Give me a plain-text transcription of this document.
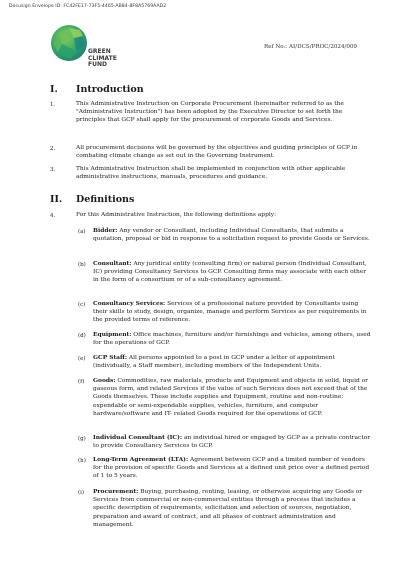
Docusign Envelope ID: FC42FE17-73F5-4465-AB84-8F8A5769AAD2
GREEN
CLIMATE
FUND
Ref No.: AI/DCS/PROC/2024/009
I. Introduction
1.	This Administrative Instruction on Corporate Procurement (hereinafter referred to as the "Administrative Instruction") has been adopted by the Executive Director to set forth the principles that GCP shall apply for the procurement of corporate Goods and Services.
2.	All procurement decisions will be governed by the objectives and guiding principles of GCP in combating climate change as set out in the Governing Instrument.
3.	This Administrative Instruction shall be implemented in conjunction with other applicable administrative instructions, manuals, procedures and guidance.
II. Definitions
4.	For this Administrative Instruction, the following definitions apply:
(a) Bidder: Any vendor or Consultant, including Individual Consultants, that submits a quotation, proposal or bid in response to a solicitation request to provide Goods or Services.
(b) Consultant: Any juridical entity (consulting firm) or natural person (Individual Consultant, IC) providing Consultancy Services to GCP. Consulting firms may associate with each other in the form of a consortium or of a sub-consultancy agreement.
(c) Consultancy Services: Services of a professional nature provided by Consultants using their skills to study, design, organize, manage and perform Services as per requirements in the provided terms of reference.
(d) Equipment: Office machines, furniture and/or furnishings and vehicles, among others, used for the operations of GCP.
(e) GCP Staff: All persons appointed to a post in GCP under a letter of appointment (individually, a Staff member), including members of the Independent Units.
(f) Goods: Commodities, raw materials, products and Equipment and objects in solid, liquid or gaseous form, and related Services if the value of such Services does not exceed that of the Goods themselves. These include supplies and Equipment, routine and non-routine; expendable or semi-expendable supplies, vehicles, furniture, and computer hardware/software and IT- related Goods required for the operations of GCP.
(g) Individual Consultant (IC): an individual hired or engaged by GCP as a private contractor to provide Consultancy Services to GCP.
(h) Long-Term Agreement (LTA): Agreement between GCP and a limited number of vendors for the provision of specific Goods and Services at a defined unit price over a defined period of 1 to 5 years.
(i) Procurement: Buying, purchasing, renting, leasing, or otherwise acquiring any Goods or Services from commercial or non-commercial entities through a process that includes a specific description of requirements, solicitation and selection of sources, negotiation, preparation and award of contract, and all phases of contract administration and management.
